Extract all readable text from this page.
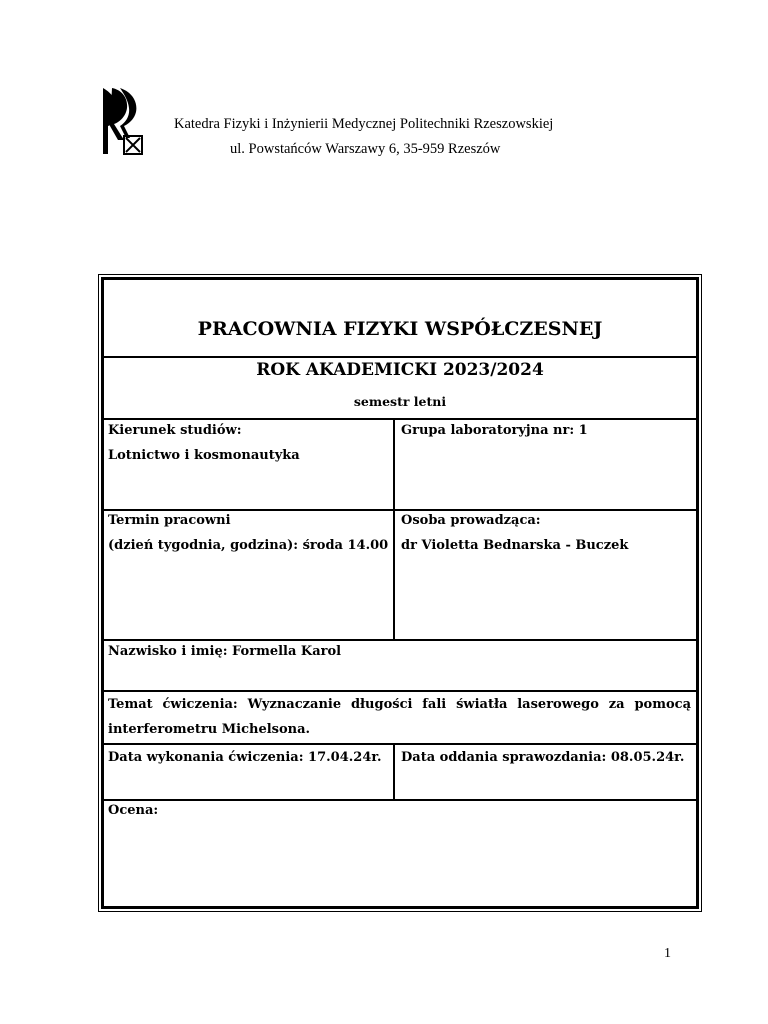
Katedra Fizyki i Inżynierii Medycznej Politechniki Rzeszowskiej
ul. Powstańców Warszawy 6, 35-959 Rzeszów
PRACOWNIA FIZYKI WSPÓŁCZESNEJ
ROK AKADEMICKI 2023/2024
semestr letni
Kierunek studiów:
Lotnictwo i kosmonautyka
Grupa laboratoryjna nr: 1
Termin pracowni
(dzień tygodnia, godzina): środa 14.00
Osoba prowadząca:
dr Violetta Bednarska - Buczek
Nazwisko i imię: Formella Karol
Temat ćwiczenia: Wyznaczanie długości fali światła laserowego za pomocą
interferometru Michelsona.
Data wykonania ćwiczenia: 17.04.24r.	Data oddania sprawozdania: 08.05.24r.
Ocena:
1
